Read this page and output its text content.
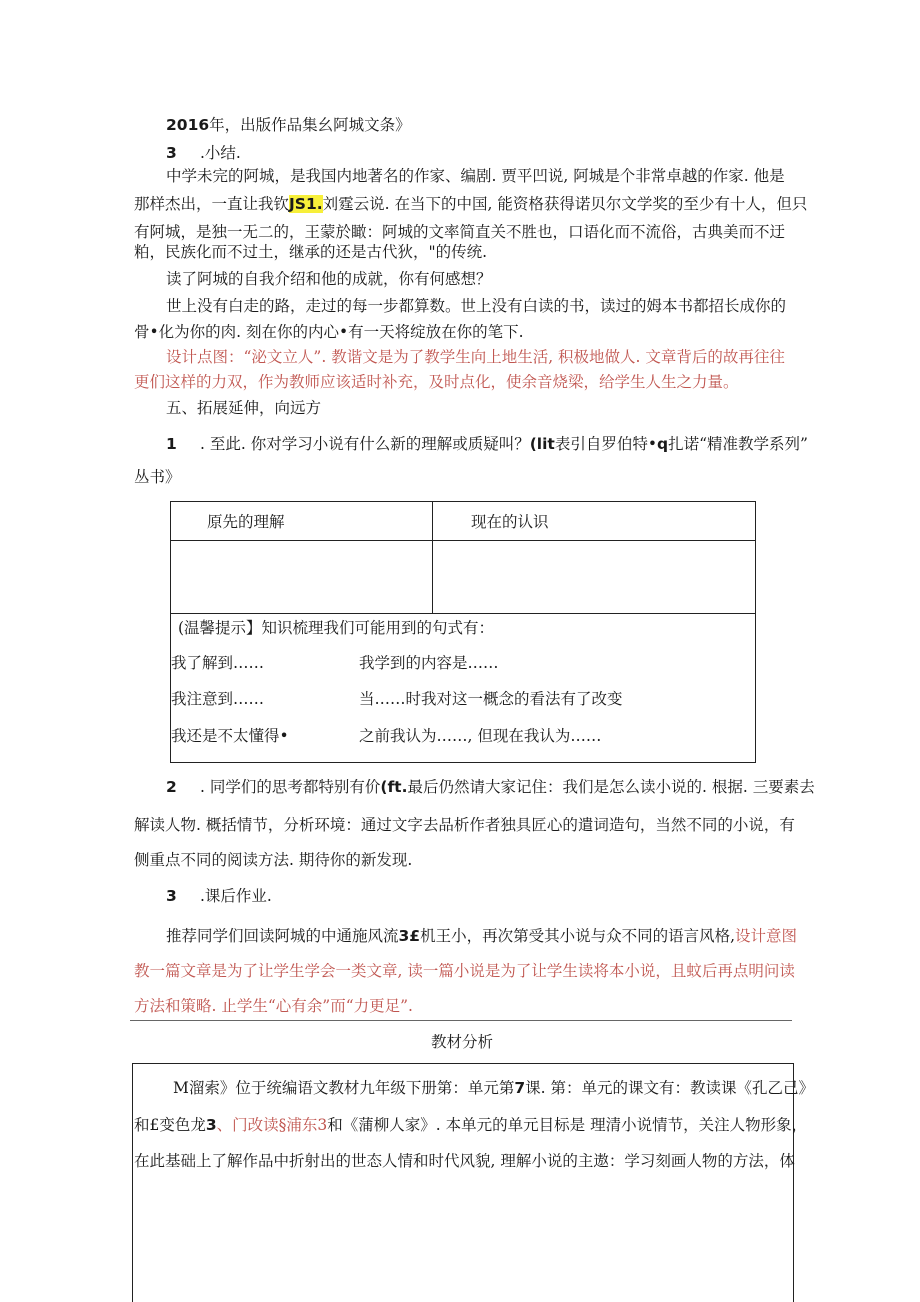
2016年，出版作品集幺阿城文条》
3 .小结.
中学未完的阿城，是我国内地著名的作家、编剧. 贾平凹说, 阿城是个非常卓越的作家. 他是
那样杰出，一直让我钦JS1.刘霆云说. 在当下的中国, 能资格获得诺贝尔文学奖的至少有十人，但只
有阿城，是独一无二的，王蒙於瞰：阿城的文率简直关不胜也，口语化而不流俗，古典美而不迂
粕，民族化而不过土，继承的还是古代狄，"的传统.
读了阿城的自我介绍和他的成就，你有何感想？
世上没有白走的路，走过的每一步都算数。世上没有白读的书，读过的姆本书都招长成你的
骨•化为你的肉. 刻在你的内心•有一天将绽放在你的笔下.
设计点图：“泌文立人”. 教谐文是为了教学生向上地生活, 积极地做人. 文章背后的故再往往
更们这样的力双，作为教师应该适时补充，及时点化，使余音烧梁，给学生人生之力量。
五、拓展延伸，向远方
1 . 至此. 你对学习小说有什么新的理解或质疑叫？(lit表引自罗伯特•q扎诺“精准教学系列”
丛书》
原先的理解	现在的认识
(温馨提示】知识梳理我们可能用到的句式有：
我了解到……	我学到的内容是……
我注意到……	当……时我对这一概念的看法有了改变
我还是不太懂得•	之前我认为……, 但现在我认为……
2 . 同学们的思考都特别有价(ft.最后仍然请大家记住：我们是怎么读小说的. 根据. 三要素去
解读人物. 概括情节，分析环境：通过文字去品析作者独具匠心的遣词造句，当然不同的小说，有
侧重点不同的阅读方法. 期待你的新发现.
3 .课后作业.
推荐同学们回读阿城的中通施风流3£机王小，再次第受其小说与众不同的语言风格,设计意图
教一篇文章是为了让学生学会一类文章, 读一篇小说是为了让学生读将本小说，且蚊后再点明问读
方法和策略. 止学生“心有余”而“力更足”.
教材分析
M溜索》位于统编语文教材九年级下册第：单元第7课. 第：单元的课文有：教读课《孔乙己》
和£变色龙3、门改读§浦东3和《蒲柳人家》. 本单元的单元目标是 理清小说情节，关注人物形象，
在此基础上了解作品中折射出的世态人情和时代风貌, 理解小说的主遨：学习刻画人物的方法，体
